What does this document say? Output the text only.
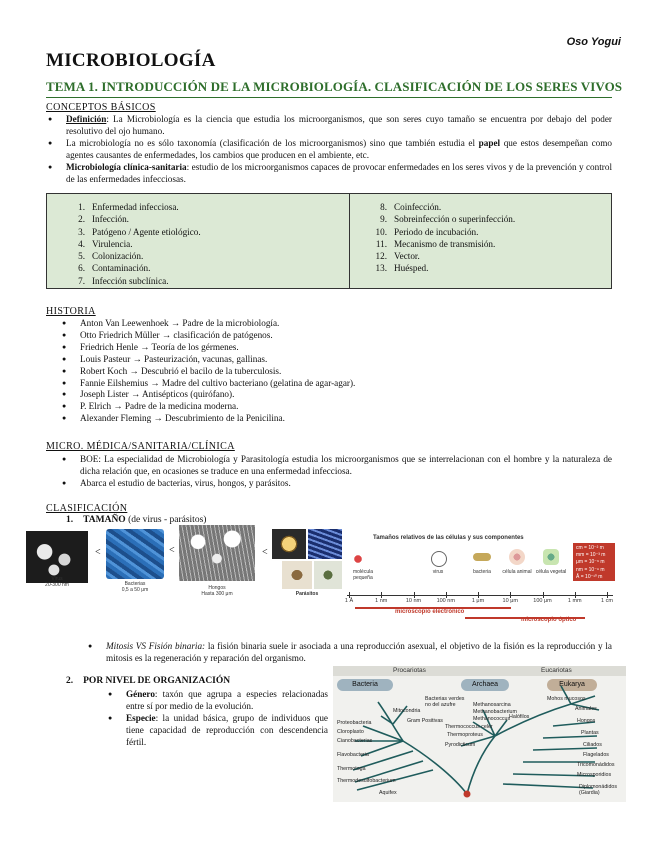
Oso Yogui
MICROBIOLOGÍA
TEMA 1. INTRODUCCIÓN DE LA MICROBIOLOGÍA. CLASIFICACIÓN DE LOS SERES VIVOS
CONCEPTOS BÁSICOS
● Definición: La Microbiología es la ciencia que estudia los microorganismos, que son seres cuyo tamaño se encuentra por debajo del poder resolutivo del ojo humano.
● La microbiología no es sólo taxonomía (clasificación de los microorganismos) sino que también estudia el papel que estos desempeñan como agentes causantes de enfermedades, los cambios que producen en el ambiente, etc.
● Microbiología clínica-sanitaria: estudio de los microorganismos capaces de provocar enfermedades en los seres vivos y de la prevención y control de las enfermedades infecciosas.
1. Enfermedad infecciosa.
2. Infección.
3. Patógeno / Agente etiológico.
4. Virulencia.
5. Colonización.
6. Contaminación.
7. Infección subclínica.
8. Coinfección.
9. Sobreinfección o superinfección.
10. Periodo de incubación.
11. Mecanismo de transmisión.
12. Vector.
13. Huésped.
HISTORIA
● Anton Van Leewenhoek → Padre de la microbiología.
● Otto Friedrich Müller → clasificación de patógenos.
● Friedrich Henle → Teoría de los gérmenes.
● Louis Pasteur → Pasteurización, vacunas, gallinas.
● Robert Koch → Descubrió el bacilo de la tuberculosis.
● Fannie Eilshemius → Madre del cultivo bacteriano (gelatina de agar-agar).
● Joseph Lister → Antisépticos (quirófano).
● P. Elrich → Padre de la medicina moderna.
● Alexander Fleming → Descubrimiento de la Penicilina.
MICRO. MÉDICA/SANITARIA/CLÍNICA
● BOE: La especialidad de Microbiología y Parasitología estudia los microorganismos que se interrelacionan con el hombre y la naturaleza de dicha relación que, en ocasiones se traduce en una enfermedad infecciosa.
● Abarca el estudio de bacterias, virus, hongos, y parásitos.
CLASIFICACIÓN
1. TAMAÑO (de virus - parásitos)
Virus
20-300 nm
<
Bacterias
0,5 a 50 μm
<
Hongos
Hasta 300 μm
<
Parásitos
Tamaños relativos de las células y sus componentes
molécula pequeña
virus	bacteria	célula animal célula vegetal
cm = 10⁻² m
mm = 10⁻³ m
μm = 10⁻⁶ m
nm = 10⁻⁹ m
Å = 10⁻¹⁰ m
microscopio electrónico
microscopio óptico
1 Å	1 nm	10 nm	100 nm	1 μm	10 μm	100 μm	1 mm	1 cm
● Mitosis VS Fisión binaria: la fisión binaria suele ir asociada a una reproducción asexual, el objetivo de la fisión es la reproducción y la mitosis es la regeneración y reparación del organismo.
2. POR NIVEL DE ORGANIZACIÓN
● Género: taxón que agrupa a especies relacionadas entre sí por medio de la evolución.
● Especie: la unidad básica, grupo de individuos que tiene capacidad de reproducción con descendencia fértil.
Procariotas	Eucariotas
Bacteria	Archaea	Eukarya
Bacterias verdes no del azufre
Mitocondria
Proteobacteria
Cloroplasto
Cianobacterias
Flavobacteria
Thermotoga
Thermodesulfobacterium
Aquifex
Gram Positivas
Methanosarcina
Methanobacterium
Methanococcus
Thermococcus celer
Thermoproteus
Pyrodicticum
Halófilos
Mohos mucosos
Animales
Hongos
Plantas
Ciliados
Flagelados
Tricomonádidos
Microsporidios
Diplomonádidos (Giardia)
